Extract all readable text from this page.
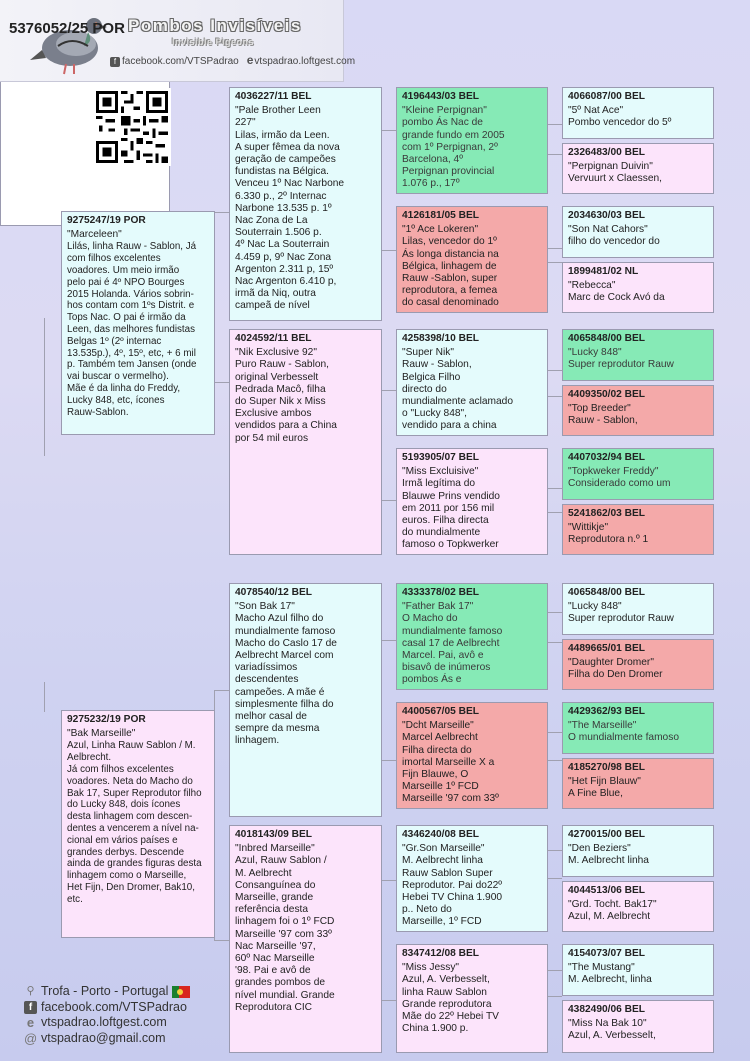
Pombos Invisíveis
Invisible Pigeons
f facebook.com/VTSPadrao evtspadrao.loftgest.com
9275247/19 POR
"Marceleen"
Lilás, linha Rauw - Sablon, Já
com filhos excelentes
voadores. Um meio irmão
pelo pai é 4º NPO Bourges
2015 Holanda. Vários sobrin-
hos contam com 1ºs Distrit. e
Tops Nac. O pai é irmão da
Leen, das melhores fundistas
Belgas 1º (2º internac
13.535p.), 4º, 15º, etc, + 6 mil
p. Também tem Jansen (onde
vai buscar o vermelho).
Mãe é da linha do Freddy,
Lucky 848, etc, ícones
Rauw-Sablon.
5376052/25 POR
9275232/19 POR
"Bak Marseille"
Azul, Linha Rauw Sablon / M.
Aelbrecht.
Já com filhos excelentes
voadores. Neta do Macho do
Bak 17, Super Reprodutor filho
do Lucky 848, dois ícones
desta linhagem com descen-
dentes a vencerem a nível na-
cional em vários países e
grandes derbys. Descende
ainda de grandes figuras desta
linhagem como o Marseille,
Het Fijn, Den Dromer, Bak10,
etc.
4036227/11 BEL
"Pale Brother Leen
227"
Lilas, irmão da Leen.
A super fêmea da nova
geração de campeões
fundistas na Bélgica.
Venceu 1º Nac Narbone
6.330 p., 2º Internac
Narbone 13.535 p. 1º
Nac Zona de La
Souterrain 1.506 p.
4º Nac La Souterrain
4.459 p, 9º Nac Zona
Argenton 2.311 p, 15º
Nac Argenton 6.410 p,
irmã da Niq, outra
campeã de nível
4024592/11 BEL
"Nik Exclusive 92"
Puro Rauw - Sablon,
original Verbesselt
Pedrada Macô, filha
do Super Nik x Miss
Exclusive ambos
vendidos para a China
por 54 mil euros
4078540/12 BEL
"Son Bak 17"
Macho Azul filho do
mundialmente famoso
Macho do Caslo 17 de
Aelbrecht Marcel com
variadíssimos
descendentes
campeões. A mãe é
simplesmente filha do
melhor casal de
sempre da mesma
linhagem.
4018143/09 BEL
"Inbred Marseille"
Azul, Rauw Sablon /
M. Aelbrecht
Consanguínea do
Marseille, grande
referência desta
linhagem foi o 1º FCD
Marseille '97 com 33º
Nac Marseille '97,
60º Nac Marseille
'98. Pai e avô de
grandes pombos de
nível mundial. Grande
Reprodutora CIC
4196443/03 BEL
"Kleine Perpignan"
pombo Ás Nac de
grande fundo em 2005
com 1º Perpignan, 2º
Barcelona, 4º
Perpignan provincial
1.076 p., 17º
4126181/05 BEL
"1º Ace Lokeren"
Lilas, vencedor do 1º
Ás longa distancia na
Bélgica, linhagem de
Rauw -Sablon, super
reprodutora, a femea
do casal denominado
4258398/10 BEL
"Super Nik"
Rauw - Sablon,
Belgica Filho
directo do
mundialmente aclamado
o "Lucky 848",
vendido para a china
5193905/07 BEL
"Miss Excluisive"
Irmã legítima do
Blauwe Prins vendido
em 2011 por 156 mil
euros. Filha directa
do mundialmente
famoso o Topkwerker
4333378/02 BEL
"Father Bak 17"
O Macho do
mundialmente famoso
casal 17 de Aelbrecht
Marcel. Pai, avô e
bisavô de inúmeros
pombos Ás e
4400567/05 BEL
"Dcht Marseille"
Marcel Aelbrecht
Filha directa do
imortal Marseille X a
Fijn Blauwe, O
Marseille 1º FCD
Marseille '97 com 33º
4346240/08 BEL
"Gr.Son Marseille"
M. Aelbrecht linha
Rauw Sablon Super
Reprodutor. Pai do22º
Hebei TV China 1.900
p.. Neto do
Marseille, 1º FCD
8347412/08 BEL
"Miss Jessy"
Azul, A. Verbesselt,
linha Rauw Sablon
Grande reprodutora
Mãe do 22º Hebei TV
China 1.900 p.
4066087/00 BEL
"5º Nat Ace"
Pombo vencedor do 5º
2326483/00 BEL
"Perpignan Duivin"
Vervuurt x Claessen,
2034630/03 BEL
"Son Nat Cahors"
filho do vencedor do
1899481/02 NL
"Rebecca"
Marc de Cock Avó da
4065848/00 BEL
"Lucky 848"
Super reprodutor Rauw
4409350/02 BEL
"Top Breeder"
Rauw - Sablon,
4407032/94 BEL
"Topkweker Freddy"
Considerado como um
5241862/03 BEL
"Wittikje"
Reprodutora n.º 1
4065848/00 BEL
"Lucky 848"
Super reprodutor Rauw
4489665/01 BEL
"Daughter Dromer"
Filha do Den Dromer
4429362/93 BEL
"The Marseille"
O mundialmente famoso
4185270/98 BEL
"Het Fijn Blauw"
A Fine Blue,
4270015/00 BEL
"Den Beziers"
M. Aelbrecht linha
4044513/06 BEL
"Grd. Tocht. Bak17"
Azul, M. Aelbrecht
4154073/07 BEL
"The Mustang"
M. Aelbrecht, linha
4382490/06 BEL
"Miss Na Bak 10"
Azul, A. Verbesselt,
⚲ Trofa - Porto - Portugal
f facebook.com/VTSPadrao
e vtspadrao.loftgest.com
@ vtspadrao@gmail.com
